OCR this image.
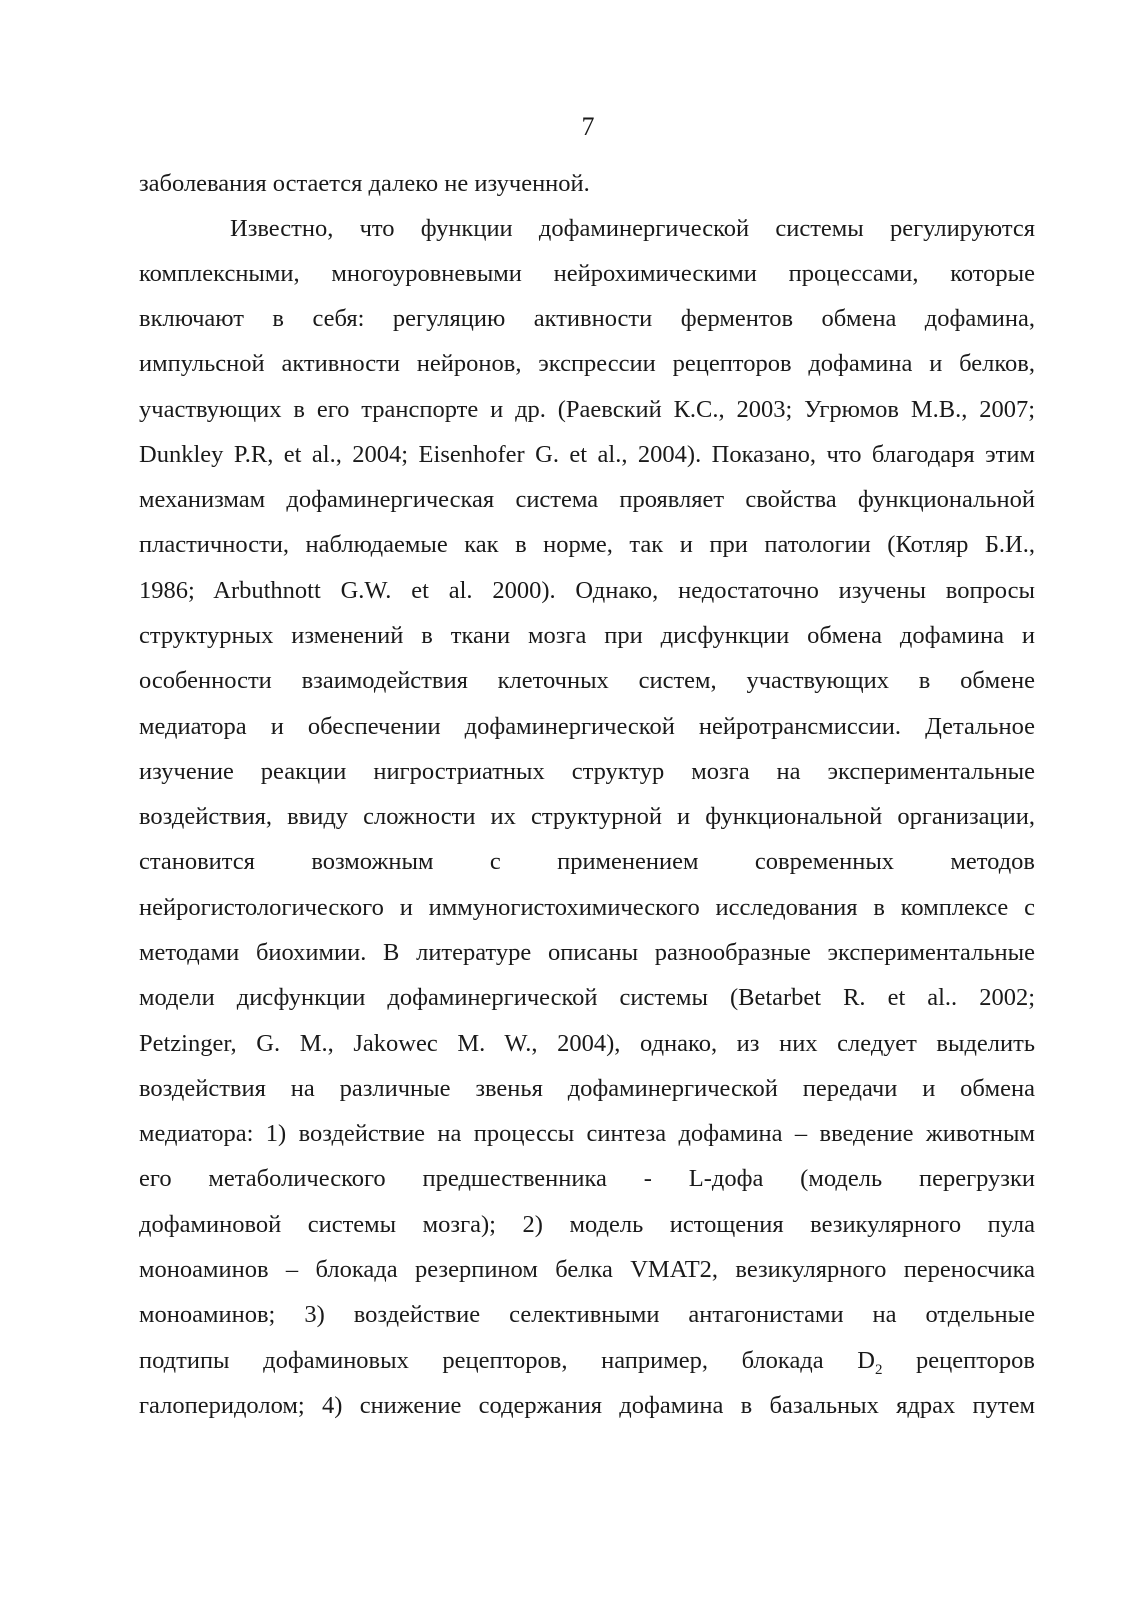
7
заболевания остается далеко не изученной.
Известно, что функции дофаминергической системы регулируются
комплексными, многоуровневыми нейрохимическими процессами, которые
включают в себя: регуляцию активности ферментов обмена дофамина,
импульсной активности нейронов, экспрессии рецепторов дофамина и белков,
участвующих в его транспорте и др. (Раевский К.С., 2003; Угрюмов М.В., 2007;
Dunkley P.R, et al., 2004; Eisenhofer G. et al., 2004). Показано, что благодаря этим
механизмам дофаминергическая система проявляет свойства функциональной
пластичности, наблюдаемые как в норме, так и при патологии (Котляр Б.И.,
1986; Arbuthnott G.W. et al. 2000). Однако, недостаточно изучены вопросы
структурных изменений в ткани мозга при дисфункции обмена дофамина и
особенности взаимодействия клеточных систем, участвующих в обмене
медиатора и обеспечении дофаминергической нейротрансмиссии. Детальное
изучение реакции нигростриатных структур мозга на экспериментальные
воздействия, ввиду сложности их структурной и функциональной организации,
становится возможным с применением современных методов
нейрогистологического и иммуногистохимического исследования в комплексе с
методами биохимии. В литературе описаны разнообразные экспериментальные
модели дисфункции дофаминергической системы (Betarbet R. et al.. 2002;
Petzinger, G. M., Jakowec M. W., 2004), однако, из них следует выделить
воздействия на различные звенья дофаминергической передачи и обмена
медиатора: 1) воздействие на процессы синтеза дофамина – введение животным
его метаболического предшественника - L-дофа (модель перегрузки
дофаминовой системы мозга); 2) модель истощения везикулярного пула
моноаминов – блокада резерпином белка VMAT2, везикулярного переносчика
моноаминов; 3) воздействие селективными антагонистами на отдельные
подтипы дофаминовых рецепторов, например, блокада $D_2$ рецепторов
галоперидолом; 4) снижение содержания дофамина в базальных ядрах путем
